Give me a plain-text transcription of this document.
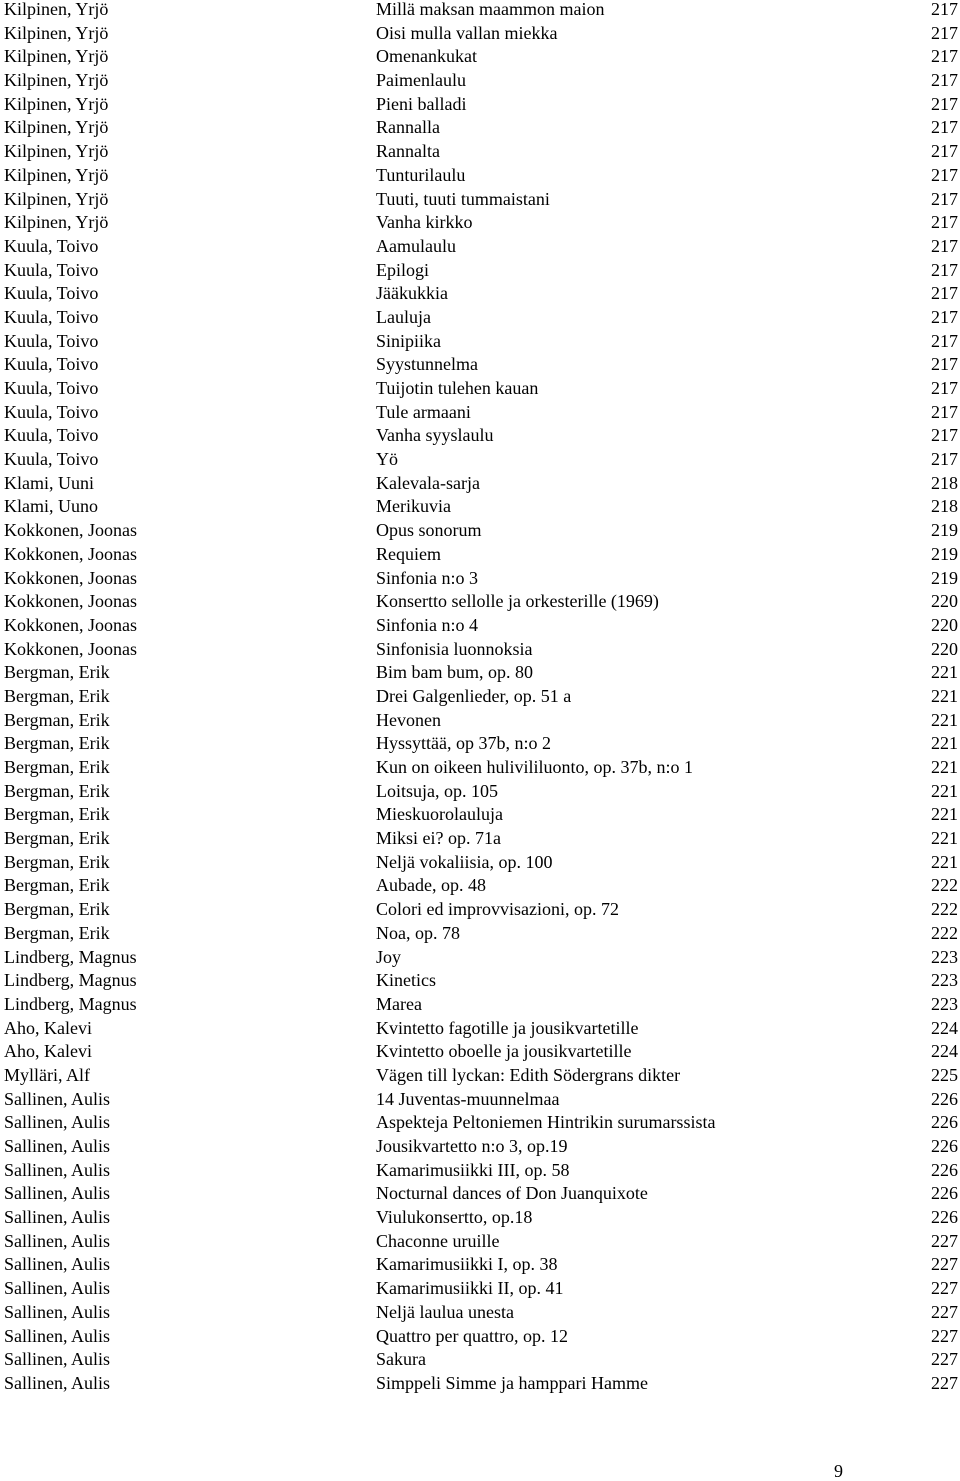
Kilpinen, Yrjö	Millä maksan maammon maion	217
Kilpinen, Yrjö	Oisi mulla vallan miekka	217
Kilpinen, Yrjö	Omenankukat	217
Kilpinen, Yrjö	Paimenlaulu	217
Kilpinen, Yrjö	Pieni balladi	217
Kilpinen, Yrjö	Rannalla	217
Kilpinen, Yrjö	Rannalta	217
Kilpinen, Yrjö	Tunturilaulu	217
Kilpinen, Yrjö	Tuuti, tuuti tummaistani	217
Kilpinen, Yrjö	Vanha kirkko	217
Kuula, Toivo	Aamulaulu	217
Kuula, Toivo	Epilogi	217
Kuula, Toivo	Jääkukkia	217
Kuula, Toivo	Lauluja	217
Kuula, Toivo	Sinipiika	217
Kuula, Toivo	Syystunnelma	217
Kuula, Toivo	Tuijotin tulehen kauan	217
Kuula, Toivo	Tule armaani	217
Kuula, Toivo	Vanha syyslaulu	217
Kuula, Toivo	Yö	217
Klami, Uuni	Kalevala-sarja	218
Klami, Uuno	Merikuvia	218
Kokkonen, Joonas	Opus sonorum	219
Kokkonen, Joonas	Requiem	219
Kokkonen, Joonas	Sinfonia n:o 3	219
Kokkonen, Joonas	Konsertto sellolle ja orkesterille (1969)	220
Kokkonen, Joonas	Sinfonia n:o 4	220
Kokkonen, Joonas	Sinfonisia luonnoksia	220
Bergman, Erik	Bim bam bum, op. 80	221
Bergman, Erik	Drei Galgenlieder, op. 51 a	221
Bergman, Erik	Hevonen	221
Bergman, Erik	Hyssyttää, op 37b, n:o 2	221
Bergman, Erik	Kun on oikeen hulivililuonto, op. 37b, n:o 1	221
Bergman, Erik	Loitsuja, op. 105	221
Bergman, Erik	Mieskuorolauluja	221
Bergman, Erik	Miksi ei? op. 71a	221
Bergman, Erik	Neljä vokaliisia, op. 100	221
Bergman, Erik	Aubade, op. 48	222
Bergman, Erik	Colori ed improvvisazioni, op. 72	222
Bergman, Erik	Noa, op. 78	222
Lindberg, Magnus	Joy	223
Lindberg, Magnus	Kinetics	223
Lindberg, Magnus	Marea	223
Aho, Kalevi	Kvintetto fagotille ja jousikvartetille	224
Aho, Kalevi	Kvintetto oboelle ja jousikvartetille	224
Mylläri, Alf	Vägen till lyckan: Edith Södergrans dikter	225
Sallinen, Aulis	14 Juventas-muunnelmaa	226
Sallinen, Aulis	Aspekteja Peltoniemen Hintrikin surumarssista	226
Sallinen, Aulis	Jousikvartetto n:o 3, op.19	226
Sallinen, Aulis	Kamarimusiikki III, op. 58	226
Sallinen, Aulis	Nocturnal dances of Don Juanquixote	226
Sallinen, Aulis	Viulukonsertto, op.18	226
Sallinen, Aulis	Chaconne uruille	227
Sallinen, Aulis	Kamarimusiikki I, op. 38	227
Sallinen, Aulis	Kamarimusiikki II, op. 41	227
Sallinen, Aulis	Neljä laulua unesta	227
Sallinen, Aulis	Quattro per quattro, op. 12	227
Sallinen, Aulis	Sakura	227
Sallinen, Aulis	Simppeli Simme ja hamppari Hamme	227
9
